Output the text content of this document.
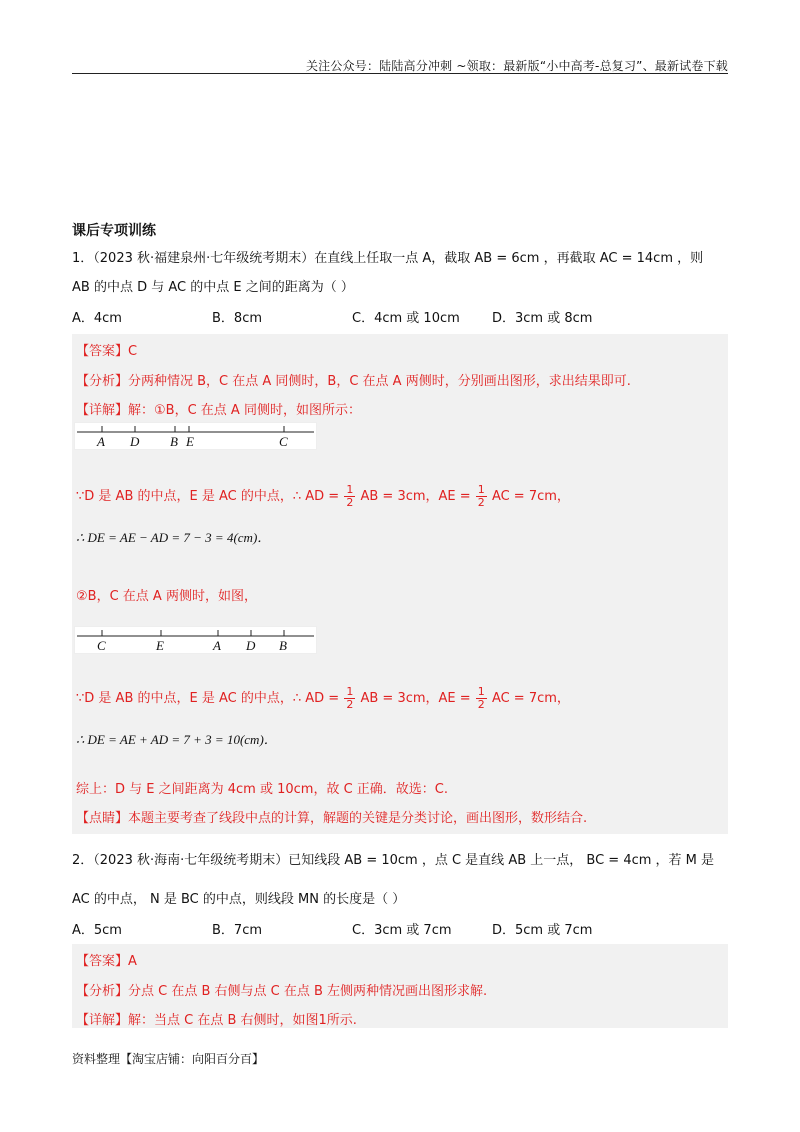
关注公众号：陆陆高分冲刺 ~领取：最新版“小中高考-总复习”、最新试卷下载
课后专项训练
1．（2023 秋·福建泉州·七年级统考期末）在直线上任取一点 A，截取 AB = 6cm ，再截取 AC = 14cm ，则
AB 的中点 D 与 AC 的中点 E 之间的距离为（ ）
A．4cm	B．8cm	C．4cm 或 10cm D．3cm 或 8cm
【答案】C
【分析】分两种情况 B，C 在点 A 同侧时，B，C 在点 A 两侧时，分别画出图形，求出结果即可.
【详解】解：①B，C 在点 A 同侧时，如图所示：
A D B E	C
∵D 是 AB 的中点，E 是 AC 的中点，∴ AD = $\frac{1}{2}$ AB = 3cm，AE = $\frac{1}{2}$ AC = 7cm，
∴ DE = AE − AD = 7 − 3 = 4(cm)．
②B，C 在点 A 两侧时，如图，
C	E	A D B
∵D 是 AB 的中点，E 是 AC 的中点，∴ AD = $\frac{1}{2}$ AB = 3cm，AE = $\frac{1}{2}$ AC = 7cm，
∴ DE = AE + AD = 7 + 3 = 10(cm)．
综上：D 与 E 之间距离为 4cm 或 10cm，故 C 正确．故选：C.
【点睛】本题主要考查了线段中点的计算，解题的关键是分类讨论，画出图形，数形结合.
2．（2023 秋·海南·七年级统考期末）已知线段 AB = 10cm ，点 C 是直线 AB 上一点， BC = 4cm ，若 M 是
AC 的中点， N 是 BC 的中点，则线段 MN 的长度是（ ）
A．5cm	B．7cm	C．3cm 或 7cm	D．5cm 或 7cm
【答案】A
【分析】分点 C 在点 B 右侧与点 C 在点 B 左侧两种情况画出图形求解.
【详解】解：当点 C 在点 B 右侧时，如图1所示.
资料整理【淘宝店铺：向阳百分百】
